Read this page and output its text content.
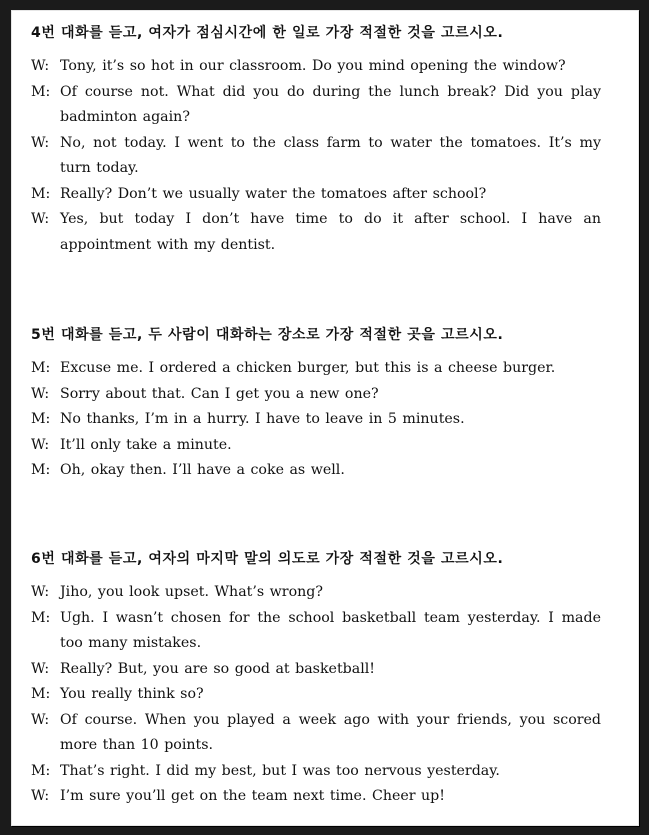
4번 대화를 듣고, 여자가 점심시간에 한 일로 가장 적절한 것을 고르시오.
W: Tony, it’s so hot in our classroom. Do you mind opening the window?
M: Of course not. What did you do during the lunch break? Did you play badminton again?
W: No, not today. I went to the class farm to water the tomatoes. It’s my turn today.
M: Really? Don’t we usually water the tomatoes after school?
W: Yes, but today I don’t have time to do it after school. I have an appointment with my dentist.
5번 대화를 듣고, 두 사람이 대화하는 장소로 가장 적절한 곳을 고르시오.
M: Excuse me. I ordered a chicken burger, but this is a cheese burger.
W: Sorry about that. Can I get you a new one?
M: No thanks, I’m in a hurry. I have to leave in 5 minutes.
W: It’ll only take a minute.
M: Oh, okay then. I’ll have a coke as well.
6번 대화를 듣고, 여자의 마지막 말의 의도로 가장 적절한 것을 고르시오.
W: Jiho, you look upset. What’s wrong?
M: Ugh. I wasn’t chosen for the school basketball team yesterday. I made too many mistakes.
W: Really? But, you are so good at basketball!
M: You really think so?
W: Of course. When you played a week ago with your friends, you scored more than 10 points.
M: That’s right. I did my best, but I was too nervous yesterday.
W: I’m sure you’ll get on the team next time. Cheer up!
